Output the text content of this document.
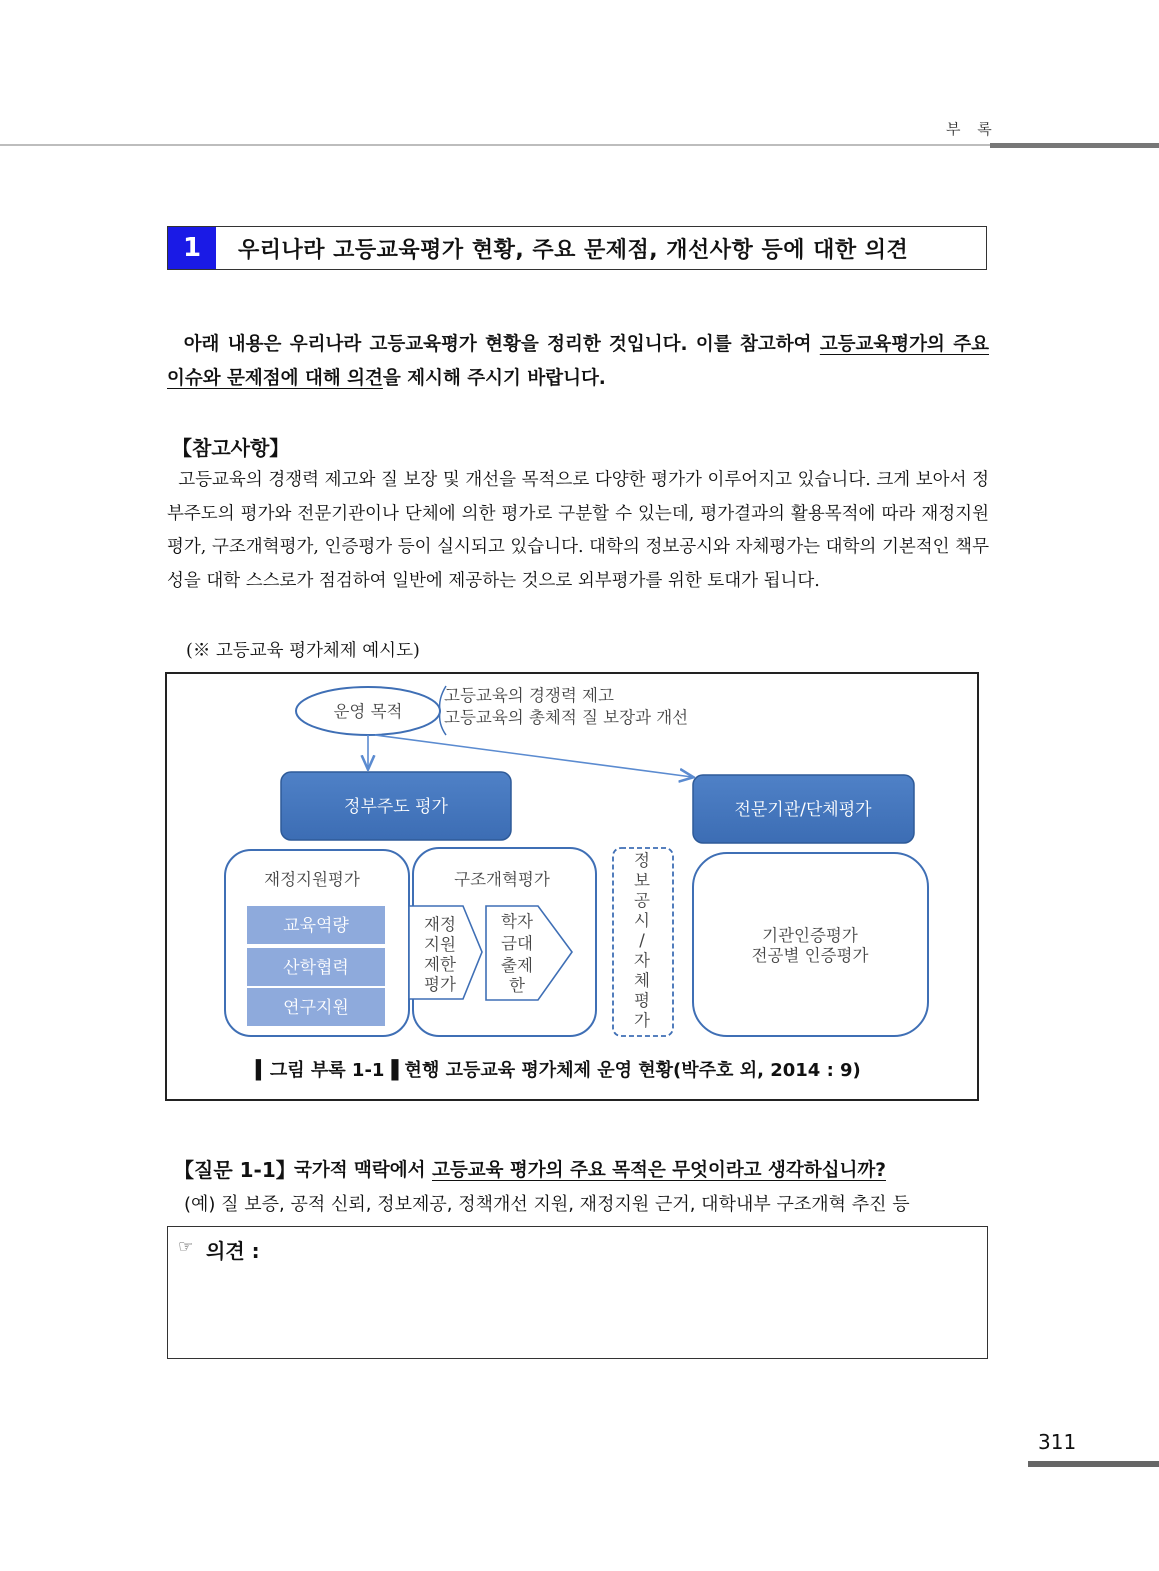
부 록
1	우리나라 고등교육평가 현황, 주요 문제점, 개선사항 등에 대한 의견
아래 내용은 우리나라 고등교육평가 현황을 정리한 것입니다. 이를 참고하여 고등교육평가의 주요 이슈와 문제점에 대해 의견을 제시해 주시기 바랍니다.
【참고사항】
고등교육의 경쟁력 제고와 질 보장 및 개선을 목적으로 다양한 평가가 이루어지고 있습니다. 크게 보아서 정부주도의 평가와 전문기관이나 단체에 의한 평가로 구분할 수 있는데, 평가결과의 활용목적에 따라 재정지원평가, 구조개혁평가, 인증평가 등이 실시되고 있습니다. 대학의 정보공시와 자체평가는 대학의 기본적인 책무성을 대학 스스로가 점검하여 일반에 제공하는 것으로 외부평가를 위한 토대가 됩니다.
(※ 고등교육 평가체제 예시도)
운영 목적
고등교육의 경쟁력 제고
고등교육의 총체적 질 보장과 개선
정부주도 평가	전문기관/단체평가
재정지원평가
교육역량
산학협력
연구지원
구조개혁평가
재정
지원
제한
평가
학자
금대
출제
한
정
보
공
시
/
자
체
평
가
기관인증평가
전공별 인증평가
▍그림 부록 1-1▐ 현행 고등교육 평가체제 운영 현황(박주호 외, 2014 : 9)
【질문 1-1】
국가적 맥락에서 고등교육 평가의 주요 목적은 무엇이라고 생각하십니까?
(예) 질 보증, 공적 신뢰, 정보제공, 정책개선 지원, 재정지원 근거, 대학내부 구조개혁 추진 등
☞ 의견 :
311
